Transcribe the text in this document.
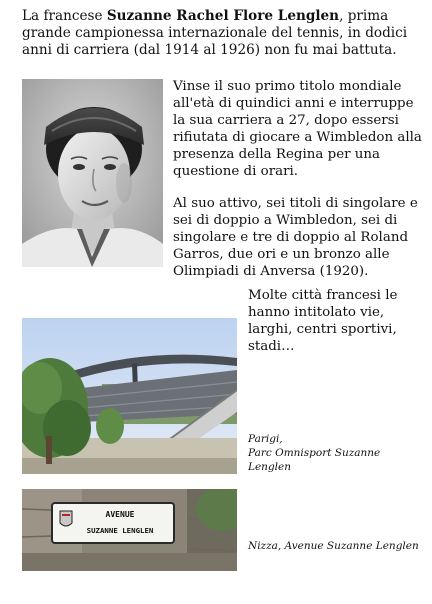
La francese Suzanne Rachel Flore Lenglen, prima grande campionessa internazionale del tennis, in dodici anni di carriera (dal 1914 al 1926) non fu mai battuta.

Vinse il suo primo titolo mondiale all'età di quindici anni e interruppe la sua carriera a 27, dopo essersi rifiutata di giocare a Wimbledon alla presenza della Regina per una questione di orari.

Al suo attivo, sei titoli di singolare e sei di doppio a Wimbledon, sei di singolare e tre di doppio al Roland Garros, due ori e un bronzo alle Olimpiadi di Anversa (1920).

Molte città francesi le hanno intitolato vie, larghi, centri sportivi, stadi…

Parigi,
Parc Omnisport Suzanne Lenglen

AVENUE
SUZANNE LENGLEN

Nizza, Avenue Suzanne Lenglen
